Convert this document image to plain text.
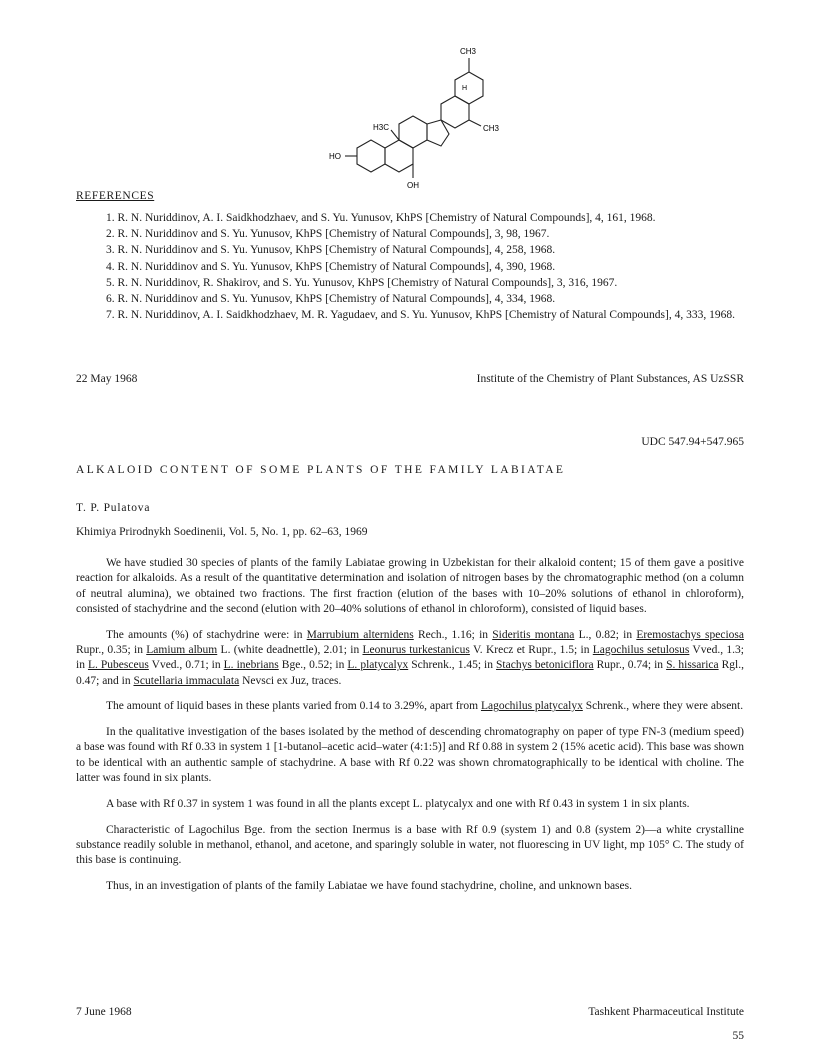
CH3
H
CH3
H3C
HO
OH
REFERENCES
1. R. N. Nuriddinov, A. I. Saidkhodzhaev, and S. Yu. Yunusov, KhPS [Chemistry of Natural Compounds], 4, 161, 1968.
2. R. N. Nuriddinov and S. Yu. Yunusov, KhPS [Chemistry of Natural Compounds], 3, 98, 1967.
3. R. N. Nuriddinov and S. Yu. Yunusov, KhPS [Chemistry of Natural Compounds], 4, 258, 1968.
4. R. N. Nuriddinov and S. Yu. Yunusov, KhPS [Chemistry of Natural Compounds], 4, 390, 1968.
5. R. N. Nuriddinov, R. Shakirov, and S. Yu. Yunusov, KhPS [Chemistry of Natural Compounds], 3, 316, 1967.
6. R. N. Nuriddinov and S. Yu. Yunusov, KhPS [Chemistry of Natural Compounds], 4, 334, 1968.
7. R. N. Nuriddinov, A. I. Saidkhodzhaev, M. R. Yagudaev, and S. Yu. Yunusov, KhPS [Chemistry of Natural Compounds], 4, 333, 1968.
22 May 1968	Institute of the Chemistry of Plant Substances, AS UzSSR
UDC 547.94+547.965
ALKALOID CONTENT OF SOME PLANTS OF THE FAMILY LABIATAE
T. P. Pulatova
Khimiya Prirodnykh Soedinenii, Vol. 5, No. 1, pp. 62–63, 1969

We have studied 30 species of plants of the family Labiatae growing in Uzbekistan for their alkaloid content; 15 of them gave a positive reaction for alkaloids. As a result of the quantitative determination and isolation of nitrogen bases by the chromatographic method (on a column of neutral alumina), we obtained two fractions. The first fraction (elution of the bases with 10–20% solutions of ethanol in chloroform), consisted of stachydrine and the second (elution with 20–40% solutions of ethanol in chloroform), consisted of liquid bases.

The amounts (%) of stachydrine were: in Marrubium alternidens Rech., 1.16; in Sideritis montana L., 0.82; in Eremostachys speciosa Rupr., 0.35; in Lamium album L. (white deadnettle), 2.01; in Leonurus turkestanicus V. Krecz et Rupr., 1.5; in Lagochilus setulosus Vved., 1.3; in L. Pubesceus Vved., 0.71; in L. inebrians Bge., 0.52; in L. platycalyx Schrenk., 1.45; in Stachys betoniciflora Rupr., 0.74; in S. hissarica Rgl., 0.47; and in Scutellaria immaculata Nevsci ex Juz, traces.

The amount of liquid bases in these plants varied from 0.14 to 3.29%, apart from Lagochilus platycalyx Schrenk., where they were absent.

In the qualitative investigation of the bases isolated by the method of descending chromatography on paper of type FN-3 (medium speed) a base was found with Rf 0.33 in system 1 [1-butanol–acetic acid–water (4:1:5)] and Rf 0.88 in system 2 (15% acetic acid). This base was shown to be identical with an authentic sample of stachydrine. A base with Rf 0.22 was shown chromatographically to be identical with choline. The latter was found in six plants.

A base with Rf 0.37 in system 1 was found in all the plants except L. platycalyx and one with Rf 0.43 in system 1 in six plants.

Characteristic of Lagochilus Bge. from the section Inermus is a base with Rf 0.9 (system 1) and 0.8 (system 2)—a white crystalline substance readily soluble in methanol, ethanol, and acetone, and sparingly soluble in water, not fluorescing in UV light, mp 105° C. The study of this base is continuing.

Thus, in an investigation of plants of the family Labiatae we have found stachydrine, choline, and unknown bases.

7 June 1968	Tashkent Pharmaceutical Institute
55
